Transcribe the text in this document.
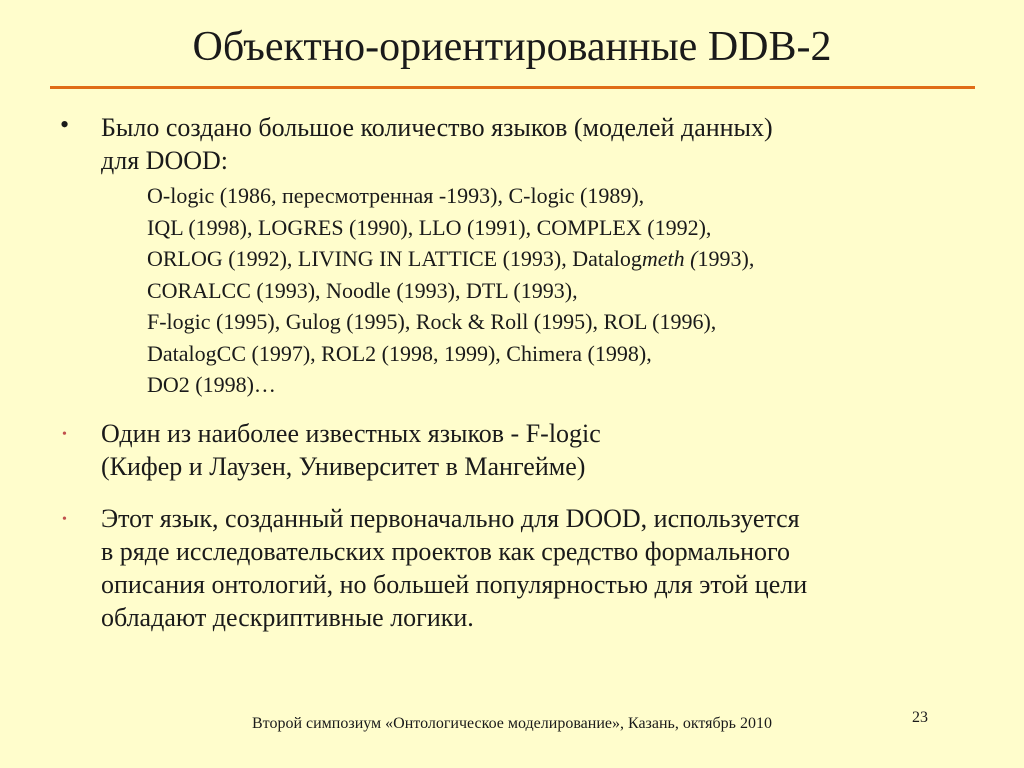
Объектно-ориентированные DDB-2
• Было создано большое количество языков (моделей данных)
для DOOD:
O-logic (1986, пересмотренная -1993), C-logic (1989),
IQL (1998), LOGRES (1990), LLO (1991), COMPLEX (1992),
ORLOG (1992), LIVING IN LATTICE (1993), Datalogmeth (1993),
CORALCC (1993), Noodle (1993), DTL (1993),
F-logic (1995), Gulog (1995), Rock & Roll (1995), ROL (1996),
DatalogCC (1997), ROL2 (1998, 1999), Chimera (1998),
DO2 (1998)…
• Один из наиболее известных языков - F-logic
(Кифер и Лаузен, Университет в Мангейме)
• Этот язык, созданный первоначально для DOOD, используется
в ряде исследовательских проектов как средство формального
описания онтологий, но большей популярностью для этой цели
обладают дескриптивные логики.
Второй симпозиум «Онтологическое моделирование», Казань, октябрь 2010	23
